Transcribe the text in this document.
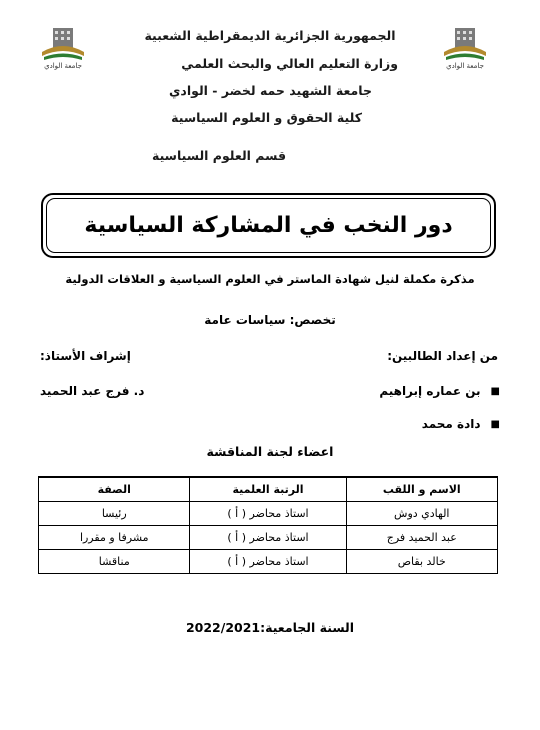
جامعة الوادي	جامعة الوادي
الجمهورية الجزائرية الديمقراطية الشعبية
وزارة التعليم العالي والبحث العلمي
جامعة الشهيد حمه لخضر - الوادي
كلية الحقوق و العلوم السياسية
قسم العلوم السياسية
دور النخب في المشاركة السياسية
مذكرة مكملة لنيل شهادة الماستر في العلوم السياسية و العلاقات الدولية
تخصص: سياسات عامة
من إعداد الطالبين:
إشراف الأستاذ:
■
بن عماره إبراهيم
■
دادة محمد
د. فرج عبد الحميد
اعضاء لجنة المناقشة
الاسم و اللقب	الرتبة العلمية	الصفة
الهادي دوش	استاذ محاضر ( أ )	رئيسا
عبد الحميد فرج	استاذ محاضر ( أ )	مشرفا و مقررا
خالد بقاص	استاذ محاضر ( أ )	مناقشا
السنة الجامعية:2022/2021
